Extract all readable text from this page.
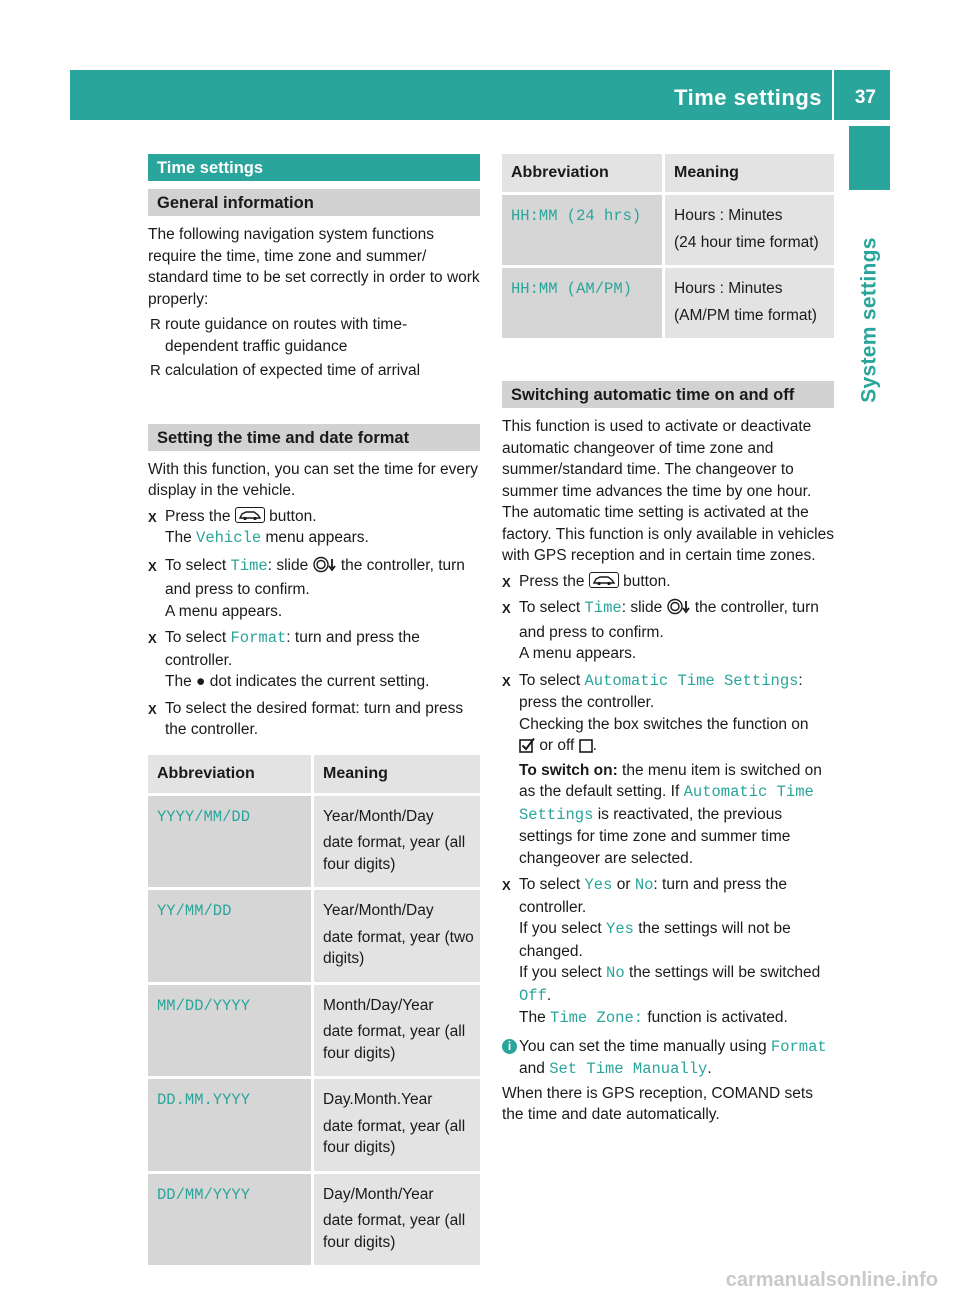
Time settings 37
System settings
Time settings
General information

The following navigation system functions require the time, time zone and summer/ standard time to be set correctly in order to work properly:

R route guidance on routes with time-dependent traffic guidance
R calculation of expected time of arrival
Setting the time and date format

With this function, you can set the time for every display in the vehicle.

X Press the button.
The Vehicle menu appears.
X To select Time: slide the controller, turn and press to confirm.
A menu appears.
X To select Format: turn and press the controller.
The ● dot indicates the current setting.
X To select the desired format: turn and press the controller.
Abbreviation	Meaning
YYYY/MM/DD	Year/Month/Day
date format, year (all four digits)

YY/MM/DD	Year/Month/Day
date format, year (two digits)

MM/DD/YYYY	Month/Day/Year
date format, year (all four digits)

DD.MM.YYYY	Day.Month.Year
date format, year (all four digits)

DD/MM/YYYY	Day/Month/Year
date format, year (all four digits)
Abbreviation	Meaning
HH:MM (24 hrs)	Hours : Minutes
(24 hour time format)

HH:MM (AM/PM)	Hours : Minutes
(AM/PM time format)
Switching automatic time on and off

This function is used to activate or deactivate automatic changeover of time zone and summer/standard time. The changeover to summer time advances the time by one hour. The automatic time setting is activated at the factory. This function is only available in vehicles with GPS reception and in certain time zones.

X Press the button.
X To select Time: slide the controller, turn and press to confirm.
A menu appears.
X To select Automatic Time Settings: press the controller.
Checking the box switches the function on
or off .
To switch on: the menu item is switched on as the default setting. If Automatic Time Settings is reactivated, the previous settings for time zone and summer time changeover are selected.
X To select Yes or No: turn and press the controller.
If you select Yes the settings will not be changed.
If you select No the settings will be switched Off.
The Time Zone: function is activated.
i You can set the time manually using Format and Set Time Manually.

When there is GPS reception, COMAND sets the time and date automatically.

carmanualsonline.info
